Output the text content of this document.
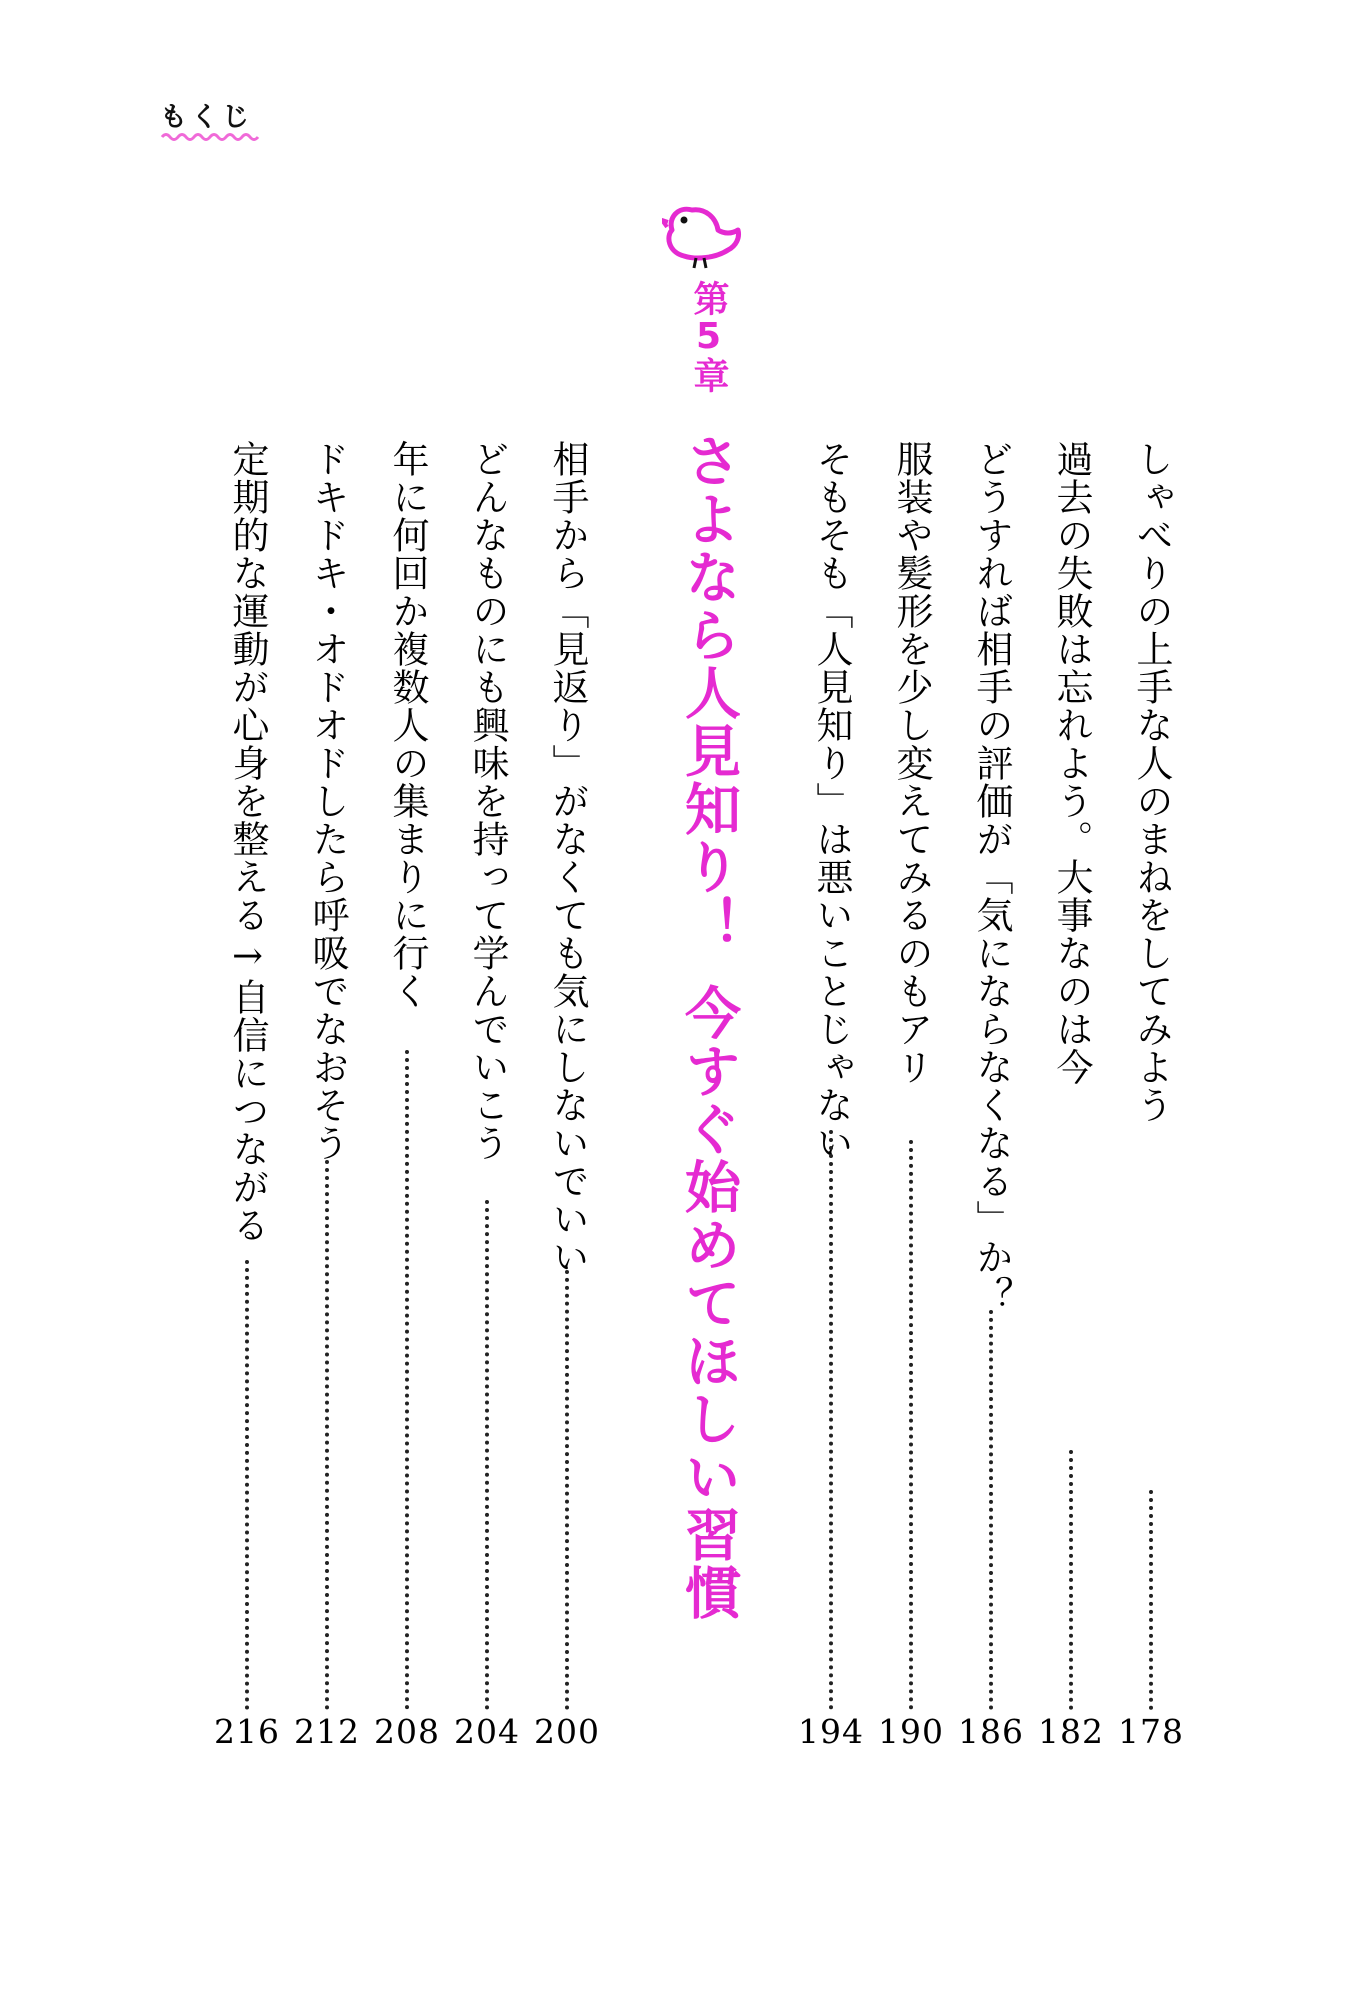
もくじ
第5章
さよなら人見知り！今すぐ始めてほしい習慣
しゃべりの上手な人のまねをしてみよう
178
過去の失敗は忘れよう。大事なのは今
182
どうすれば相手の評価が「気にならなくなる」か？
186
服装や髪形を少し変えてみるのもアリ
190
そもそも「人見知り」は悪いことじゃない
194
相手から「見返り」がなくても気にしないでいい
200
どんなものにも興味を持って学んでいこう
204
年に何回か複数人の集まりに行く
208
ドキドキ・オドオドしたら呼吸でなおそう
212
定期的な運動が心身を整える→自信につながる
216
